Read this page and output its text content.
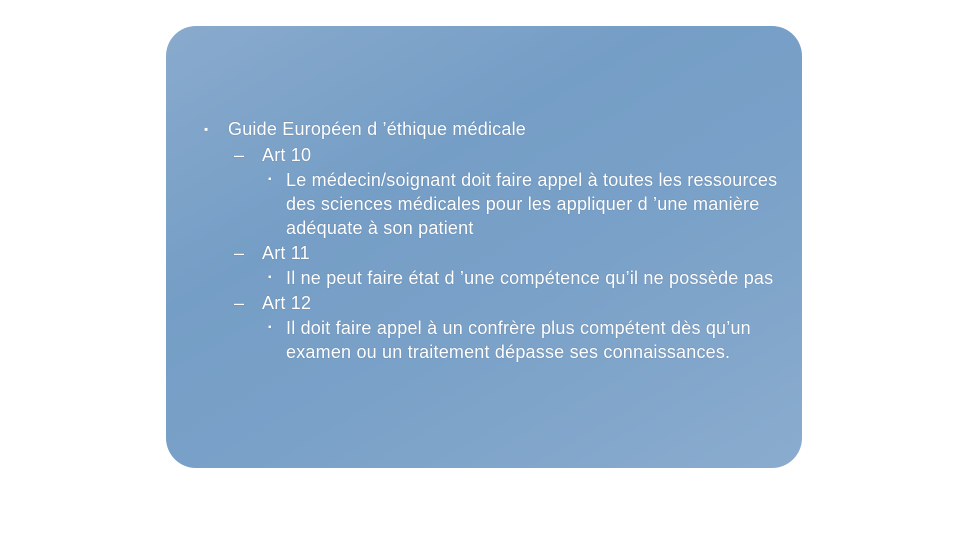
▪ Guide Européen d ’éthique médicale
– Art 10
▪ Le médecin/soignant doit faire appel à toutes les ressources des sciences médicales pour les appliquer d ’une manière adéquate à son patient
– Art 11
▪ Il ne peut faire état d ’une compétence qu’il ne possède pas
– Art 12
▪ Il doit faire appel à un confrère plus compétent dès qu’un examen ou un traitement dépasse ses connaissances.
